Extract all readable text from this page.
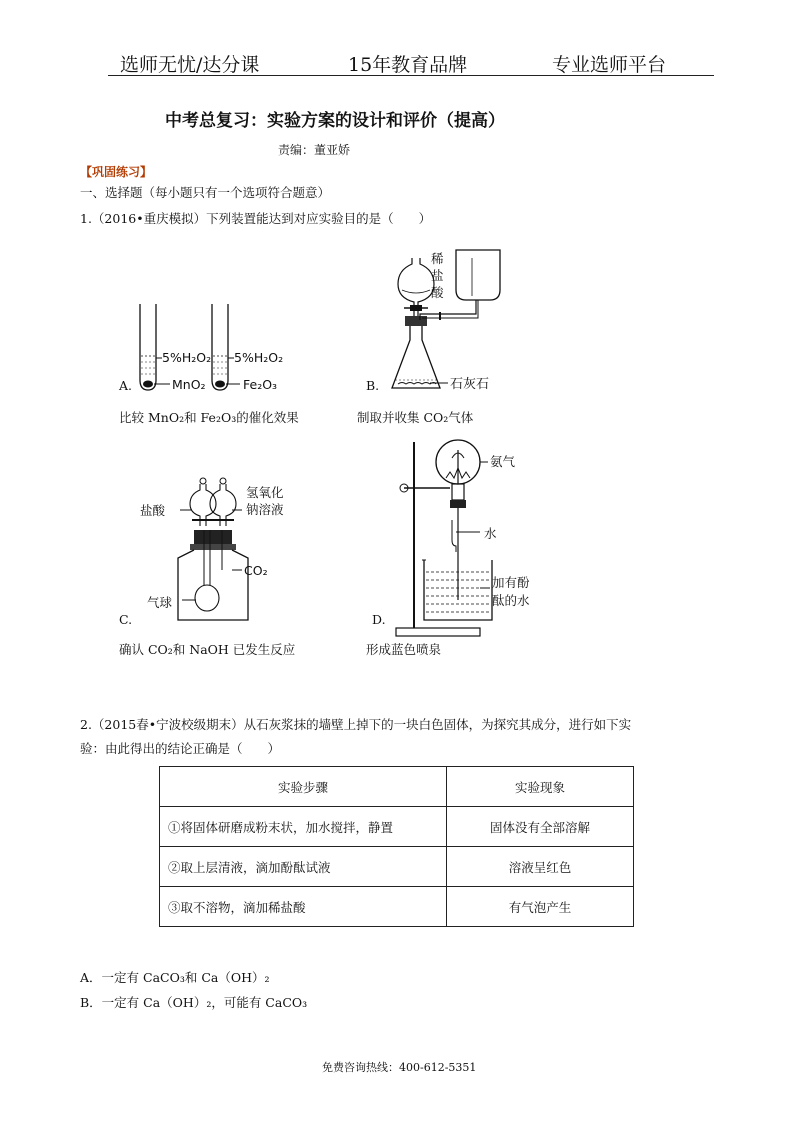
选师无忧/达分课	15年教育品牌	专业选师平台
中考总复习：实验方案的设计和评价（提高）
责编：董亚娇
【巩固练习】
一、选择题（每小题只有一个选项符合题意）
1.（2016•重庆模拟）下列装置能达到对应实验目的是（　　）
5%H₂O₂ 5%H₂O₂
MnO₂	Fe₂O₃
A.
比较 MnO₂和 Fe₂O₃的催化效果
稀
盐
酸
石灰石
B.
制取并收集 CO₂气体
盐酸
氢氧化
钠溶液
CO₂
气球
C.
确认 CO₂和 NaOH 已发生反应
氨气
水
加有酚
酞的水
D.
形成蓝色喷泉
2.（2015春•宁波校级期末）从石灰浆抹的墙壁上掉下的一块白色固体，为探究其成分，进行如下实
验：由此得出的结论正确是（　　）
实验步骤	实验现象
①将固体研磨成粉末状，加水搅拌，静置	固体没有全部溶解
②取上层清液，滴加酚酞试液	溶液呈红色
③取不溶物，滴加稀盐酸	有气泡产生
A．一定有 CaCO₃和 Ca（OH）₂
B．一定有 Ca（OH）₂，可能有 CaCO₃
免费咨询热线：400-612-5351
